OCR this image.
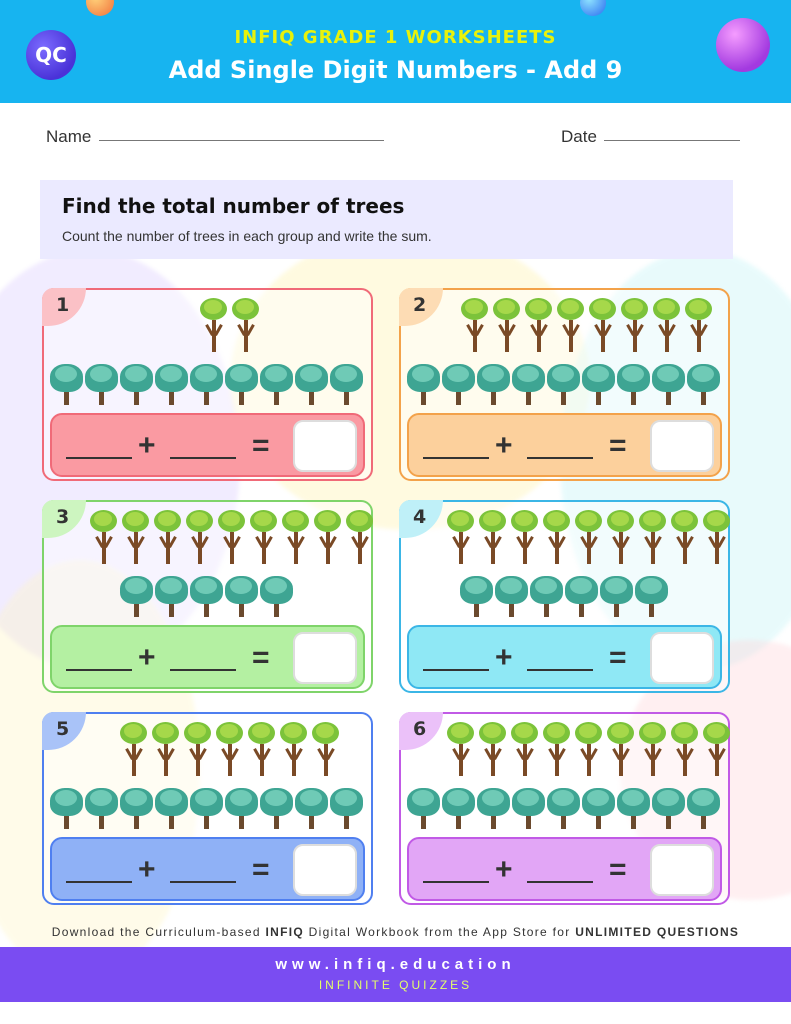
QC
INFIQ GRADE 1 WORKSHEETS
Add Single Digit Numbers - Add 9
Name	Date
Find the total number of trees
Count the number of trees in each group and write the sum.
1
+	=
2
+	=
3
+	=
4
+	=
5
+	=
6
+	=
Download the Curriculum-based INFIQ Digital Workbook from the App Store for UNLIMITED QUESTIONS
www.infiq.education
INFINITE QUIZZES
